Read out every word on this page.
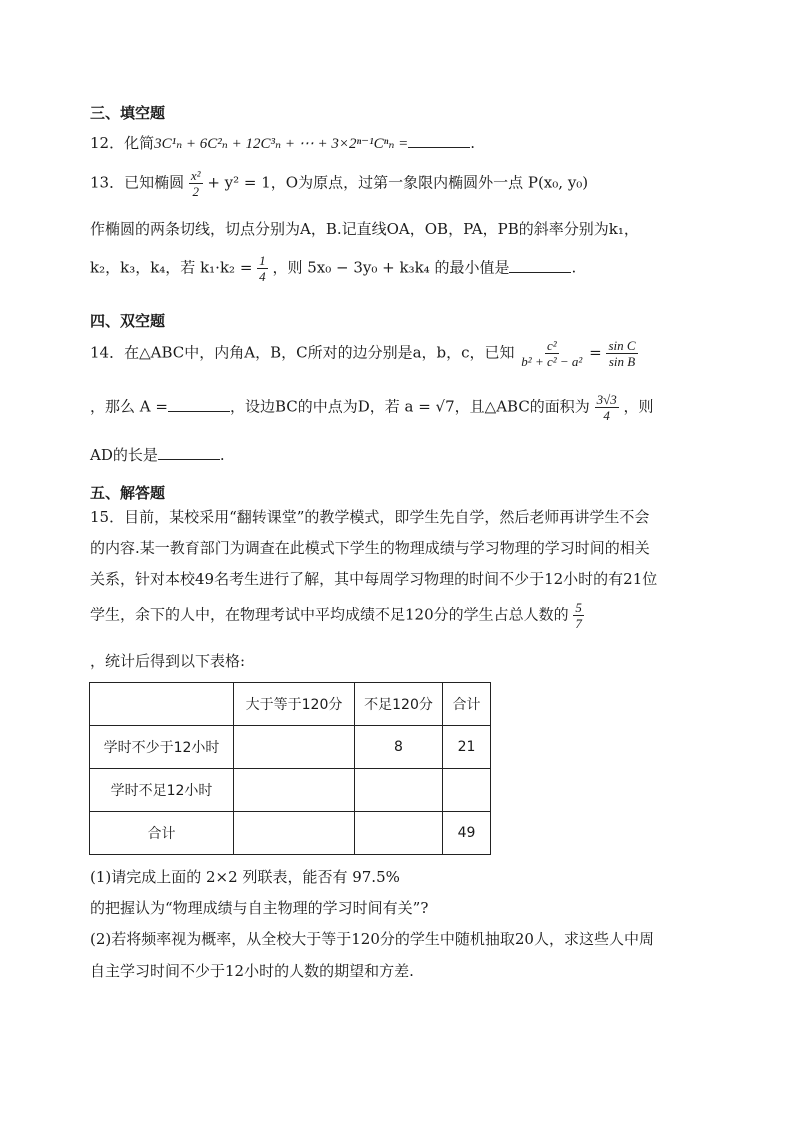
三、填空题
12．化简3C¹ₙ + 6C²ₙ + 12C³ₙ + ⋯ + 3×2ⁿ⁻¹Cⁿₙ =	.
13．已知椭圆 $\frac{\text{x²}}{2} + y^2 = 1$，O为原点，过第一象限内椭圆外一点 P(x₀, y₀)
作椭圆的两条切线，切点分别为A，B.记直线OA，OB，PA，PB的斜率分别为k₁，
k₂，k₃，k₄，若 $k_1\cdot k_2 = \frac{1}{4}$ ，则 5x₀ − 3y₀ + k₃k₄ 的最小值是	.
四、双空题
14．在△ABC中，内角A，B，C所对的边分别是a，b，c，已知 $\frac{\text{c²}}{\text{b² + c² − a²}} = \frac{\text{sin C}}{\text{sin B}}$
，那么 A =	，设边BC的中点为D，若 a = √7，且△ABC的面积为 $\frac{3√3}{4}$ ，则
AD的长是	.
五、解答题
15．目前，某校采用“翻转课堂”的教学模式，即学生先自学，然后老师再讲学生不会
的内容.某一教育部门为调查在此模式下学生的物理成绩与学习物理的学习时间的相关
关系，针对本校49名考生进行了解，其中每周学习物理的时间不少于12小时的有21位
学生，余下的人中，在物理考试中平均成绩不足120分的学生占总人数的 $\frac{5}{7}$
，统计后得到以下表格:
	大于等于120分	不足120分	合计
学时不少于12小时		8	21
学时不足12小时			
合计			49
(1)请完成上面的 2×2 列联表，能否有 97.5%
的把握认为“物理成绩与自主物理的学习时间有关”?
(2)若将频率视为概率，从全校大于等于120分的学生中随机抽取20人，求这些人中周
自主学习时间不少于12小时的人数的期望和方差.
